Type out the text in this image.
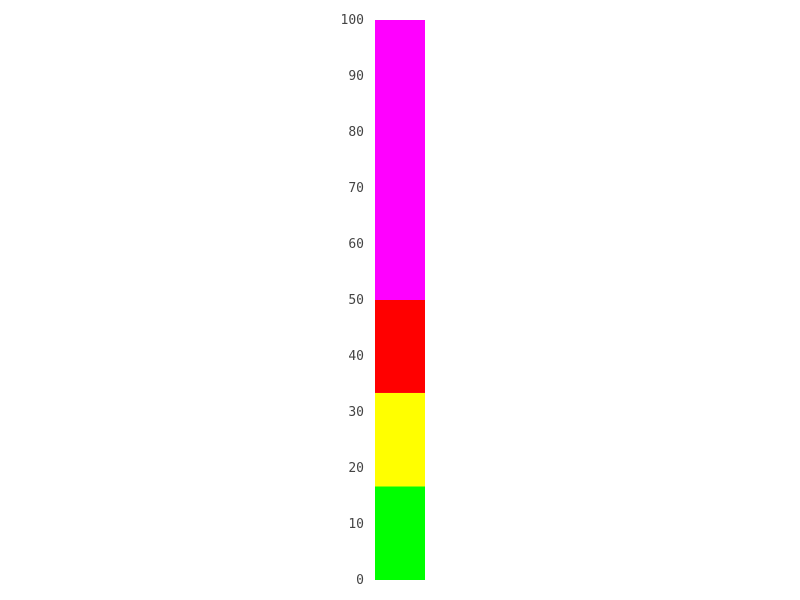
0
10
20
30
40
50
60
70
80
90
100
